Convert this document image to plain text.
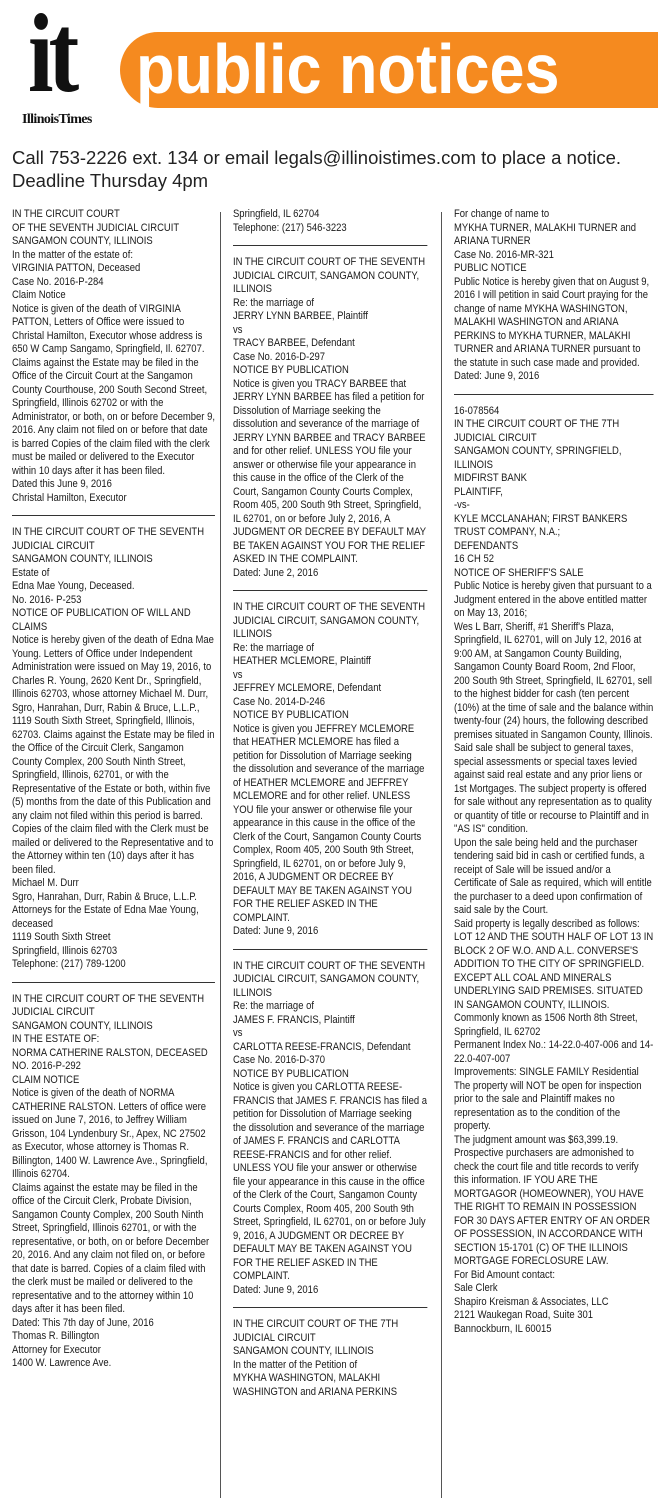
it
IllinoisTimes
public notices
Call 753-2226 ext. 134 or email legals@illinoistimes.com to place a notice.
Deadline Thursday 4pm
IN THE CIRCUIT COURT
OF THE SEVENTH JUDICIAL CIRCUIT
SANGAMON COUNTY, ILLINOIS
In the matter of the estate of:
VIRGINIA PATTON, Deceased
Case No. 2016-P-284
Claim Notice
Notice is given of the death of VIRGINIA PATTON, Letters of Office were issued to Christal Hamilton, Executor whose address is 650 W Camp Sangamo, Springfield, Il. 62707. Claims against the Estate may be filed in the Office of the Circuit Court at the Sangamon County Courthouse, 200 South Second Street, Springfield, Illinois 62702 or with the Administrator, or both, on or before December 9, 2016. Any claim not filed on or before that date is barred Copies of the claim filed with the clerk must be mailed or delivered to the Executor within 10 days after it has been filed.
Dated this June 9, 2016
Christal Hamilton, Executor
IN THE CIRCUIT COURT OF THE SEVENTH JUDICIAL CIRCUIT
SANGAMON COUNTY, ILLINOIS
Estate of
Edna Mae Young, Deceased.
No. 2016- P-253
NOTICE OF PUBLICATION OF WILL AND CLAIMS
Notice is hereby given of the death of Edna Mae Young. Letters of Office under Independent Administration were issued on May 19, 2016, to Charles R. Young, 2620 Kent Dr., Springfield, Illinois 62703, whose attorney Michael M. Durr, Sgro, Hanrahan, Durr, Rabin & Bruce, L.L.P., 1119 South Sixth Street, Springfield, Illinois, 62703. Claims against the Estate may be filed in the Office of the Circuit Clerk, Sangamon County Complex, 200 South Ninth Street, Springfield, Illinois, 62701, or with the Representative of the Estate or both, within five (5) months from the date of this Publication and any claim not filed within this period is barred. Copies of the claim filed with the Clerk must be mailed or delivered to the Representative and to the Attorney within ten (10) days after it has been filed.
Michael M. Durr
Sgro, Hanrahan, Durr, Rabin & Bruce, L.L.P.
Attorneys for the Estate of Edna Mae Young, deceased
1119 South Sixth Street
Springfield, Illinois 62703
Telephone: (217) 789-1200
IN THE CIRCUIT COURT OF THE SEVENTH JUDICIAL CIRCUIT
SANGAMON COUNTY, ILLINOIS
IN THE ESTATE OF:
NORMA CATHERINE RALSTON, DECEASED
NO. 2016-P-292
CLAIM NOTICE
Notice is given of the death of NORMA CATHERINE RALSTON. Letters of office were issued on June 7, 2016, to Jeffrey William Grisson, 104 Lyndenbury Sr., Apex, NC 27502 as Executor, whose attorney is Thomas R. Billington, 1400 W. Lawrence Ave., Springfield, Illinois 62704.
Claims against the estate may be filed in the office of the Circuit Clerk, Probate Division, Sangamon County Complex, 200 South Ninth Street, Springfield, Illinois 62701, or with the representative, or both, on or before December 20, 2016. And any claim not filed on, or before that date is barred. Copies of a claim filed with the clerk must be mailed or delivered to the representative and to the attorney within 10 days after it has been filed.
Dated: This 7th day of June, 2016
Thomas R. Billington
Attorney for Executor
1400 W. Lawrence Ave.
Springfield, IL 62704
Telephone: (217) 546-3223
IN THE CIRCUIT COURT OF THE SEVENTH JUDICIAL CIRCUIT, SANGAMON COUNTY, ILLINOIS
Re: the marriage of
JERRY LYNN BARBEE, Plaintiff
vs
TRACY BARBEE, Defendant
Case No. 2016-D-297
NOTICE BY PUBLICATION
Notice is given you TRACY BARBEE that JERRY LYNN BARBEE has filed a petition for Dissolution of Marriage seeking the dissolution and severance of the marriage of JERRY LYNN BARBEE and TRACY BARBEE and for other relief. UNLESS YOU file your answer or otherwise file your appearance in this cause in the office of the Clerk of the Court, Sangamon County Courts Complex, Room 405, 200 South 9th Street, Springfield, IL 62701, on or before July 2, 2016, A JUDGMENT OR DECREE BY DEFAULT MAY BE TAKEN AGAINST YOU FOR THE RELIEF ASKED IN THE COMPLAINT.
Dated: June 2, 2016
IN THE CIRCUIT COURT OF THE SEVENTH JUDICIAL CIRCUIT, SANGAMON COUNTY, ILLINOIS
Re: the marriage of
HEATHER MCLEMORE, Plaintiff
vs
JEFFREY MCLEMORE, Defendant
Case No. 2014-D-246
NOTICE BY PUBLICATION
Notice is given you JEFFREY MCLEMORE that HEATHER MCLEMORE has filed a petition for Dissolution of Marriage seeking the dissolution and severance of the marriage of HEATHER MCLEMORE and JEFFREY MCLEMORE and for other relief. UNLESS YOU file your answer or otherwise file your appearance in this cause in the office of the Clerk of the Court, Sangamon County Courts Complex, Room 405, 200 South 9th Street, Springfield, IL 62701, on or before July 9, 2016, A JUDGMENT OR DECREE BY DEFAULT MAY BE TAKEN AGAINST YOU FOR THE RELIEF ASKED IN THE COMPLAINT.
Dated: June 9, 2016
IN THE CIRCUIT COURT OF THE SEVENTH JUDICIAL CIRCUIT, SANGAMON COUNTY, ILLINOIS
Re: the marriage of
JAMES F. FRANCIS, Plaintiff
vs
CARLOTTA REESE-FRANCIS, Defendant
Case No. 2016-D-370
NOTICE BY PUBLICATION
Notice is given you CARLOTTA REESE-FRANCIS that JAMES F. FRANCIS has filed a petition for Dissolution of Marriage seeking the dissolution and severance of the marriage of JAMES F. FRANCIS and CARLOTTA REESE-FRANCIS and for other relief. UNLESS YOU file your answer or otherwise file your appearance in this cause in the office of the Clerk of the Court, Sangamon County Courts Complex, Room 405, 200 South 9th Street, Springfield, IL 62701, on or before July 9, 2016, A JUDGMENT OR DECREE BY DEFAULT MAY BE TAKEN AGAINST YOU FOR THE RELIEF ASKED IN THE COMPLAINT.
Dated: June 9, 2016
IN THE CIRCUIT COURT OF THE 7TH JUDICIAL CIRCUIT
SANGAMON COUNTY, ILLINOIS
In the matter of the Petition of
MYKHA WASHINGTON, MALAKHI WASHINGTON and ARIANA PERKINS
For change of name to
MYKHA TURNER, MALAKHI TURNER and ARIANA TURNER
Case No. 2016-MR-321
PUBLIC NOTICE
Public Notice is hereby given that on August 9, 2016 I will petition in said Court praying for the change of name MYKHA WASHINGTON, MALAKHI WASHINGTON and ARIANA PERKINS to MYKHA TURNER, MALAKHI TURNER and ARIANA TURNER pursuant to the statute in such case made and provided.
Dated: June 9, 2016
16-078564
IN THE CIRCUIT COURT OF THE 7TH JUDICIAL CIRCUIT
SANGAMON COUNTY, SPRINGFIELD, ILLINOIS
MIDFIRST BANK
PLAINTIFF,
-vs-
KYLE MCCLANAHAN; FIRST BANKERS TRUST COMPANY, N.A.;
DEFENDANTS
16 CH 52
NOTICE OF SHERIFF'S SALE
Public Notice is hereby given that pursuant to a Judgment entered in the above entitled matter on May 13, 2016;
Wes L Barr, Sheriff, #1 Sheriff's Plaza, Springfield, IL 62701, will on July 12, 2016 at 9:00 AM, at Sangamon County Building, Sangamon County Board Room, 2nd Floor, 200 South 9th Street, Springfield, IL 62701, sell to the highest bidder for cash (ten percent (10%) at the time of sale and the balance within twenty-four (24) hours, the following described premises situated in Sangamon County, Illinois. Said sale shall be subject to general taxes, special assessments or special taxes levied against said real estate and any prior liens or 1st Mortgages. The subject property is offered for sale without any representation as to quality or quantity of title or recourse to Plaintiff and in "AS IS" condition.
Upon the sale being held and the purchaser tendering said bid in cash or certified funds, a receipt of Sale will be issued and/or a Certificate of Sale as required, which will entitle the purchaser to a deed upon confirmation of said sale by the Court.
Said property is legally described as follows:
LOT 12 AND THE SOUTH HALF OF LOT 13 IN BLOCK 2 OF W.O. AND A.L. CONVERSE'S ADDITION TO THE CITY OF SPRINGFIELD. EXCEPT ALL COAL AND MINERALS UNDERLYING SAID PREMISES. SITUATED IN SANGAMON COUNTY, ILLINOIS.
Commonly known as 1506 North 8th Street, Springfield, IL 62702
Permanent Index No.: 14-22.0-407-006 and 14-22.0-407-007
Improvements: SINGLE FAMILY Residential
The property will NOT be open for inspection prior to the sale and Plaintiff makes no representation as to the condition of the property.
The judgment amount was $63,399.19.
Prospective purchasers are admonished to check the court file and title records to verify this information. IF YOU ARE THE MORTGAGOR (HOMEOWNER), YOU HAVE THE RIGHT TO REMAIN IN POSSESSION FOR 30 DAYS AFTER ENTRY OF AN ORDER OF POSSESSION, IN ACCORDANCE WITH SECTION 15-1701 (C) OF THE ILLINOIS MORTGAGE FORECLOSURE LAW.
For Bid Amount contact:
Sale Clerk
Shapiro Kreisman & Associates, LLC
2121 Waukegan Road, Suite 301
Bannockburn, IL 60015
